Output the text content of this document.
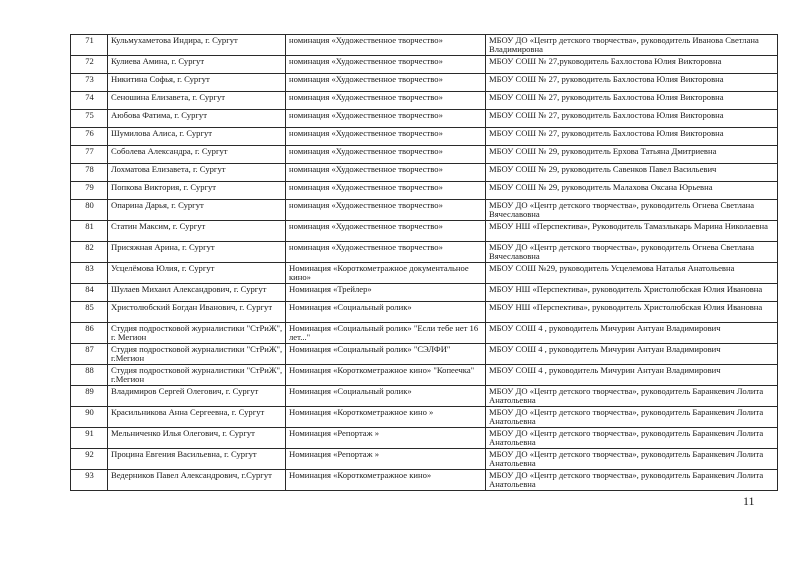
71	Кульмухаметова Индира, г. Сургут	номинация «Художественное творчество»	МБОУ ДО «Центр детского творчества», руководитель Иванова Светлана Владимировна
72	Кулиева Амина, г. Сургут	номинация «Художественное творчество»	МБОУ СОШ № 27,руководитель Бахлостова Юлия Викторовна
73	Никитина Софья, г. Сургут	номинация «Художественное творчество»	МБОУ СОШ № 27, руководитель Бахлостова Юлия Викторовна
74	Сеношина Елизавета, г. Сургут	номинация «Художественное творчество»	МБОУ СОШ № 27, руководитель Бахлостова Юлия Викторовна
75	Аюбова Фатима, г. Сургут	номинация «Художественное творчество»	МБОУ СОШ № 27, руководитель Бахлостова Юлия Викторовна
76	Шумилова Алиса, г. Сургут	номинация «Художественное творчество»	МБОУ СОШ № 27, руководитель Бахлостова Юлия Викторовна
77	Соболева Александра, г. Сургут	номинация «Художественное творчество»	МБОУ СОШ № 29, руководитель Ерхова Татьяна Дмитриевна
78	Лохматова Елизавета, г. Сургут	номинация «Художественное творчество»	МБОУ СОШ № 29, руководитель Савенков Павел Васильевич
79	Попкова Виктория, г. Сургут	номинация «Художественное творчество»	МБОУ СОШ № 29, руководитель Малахова Оксана Юрьевна
80	Опарина Дарья, г. Сургут	номинация «Художественное творчество»	МБОУ ДО «Центр детского творчества», руководитель Огнева Светлана Вячеславовна
81	Статин Максим, г. Сургут	номинация «Художественное творчество»	МБОУ НШ «Перспектива», Руководитель Тамазлыкарь Марина Николаевна
82	Присяжная Арина, г. Сургут	номинация «Художественное творчество»	МБОУ ДО «Центр детского творчества», руководитель Огнева Светлана Вячеславовна
83	Усцелёмова Юлия, г. Сургут	Номинация «Короткометражное документальное кино»	МБОУ СОШ №29, руководитель Усцелемова Наталья Анатольевна
84	Шулаев Михаил Александрович, г. Сургут	Номинация «Трейлер»	МБОУ НШ «Перспектива», руководитель Христолюбская Юлия Ивановна
85	Христолюбский Богдан Иванович, г. Сургут	Номинация «Социальный ролик»	МБОУ НШ «Перспектива», руководитель Христолюбская Юлия Ивановна
86	Студия подростковой журналистики "СтРиЖ", г. Мегион	Номинация «Социальный ролик» "Если тебе нет 16 лет..."	МБОУ СОШ 4 , руководитель Мичурин Антуан Владимирович
87	Студия подростковой журналистики "СтРиЖ", г.Мегион	Номинация «Социальный ролик» "СЭЛФИ"	МБОУ СОШ 4 , руководитель Мичурин Антуан Владимирович
88	Студия подростковой журналистики "СтРиЖ", г.Мегион	Номинация «Короткометражное кино» "Копеечка"	МБОУ СОШ 4 , руководитель Мичурин Антуан Владимирович
89	Владимиров Сергей Олегович, г. Сургут	Номинация «Социальный ролик»	МБОУ ДО «Центр детского творчества», руководитель Баранкевич Лолита Анатольевна
90	Красильникова Анна Сергеевна, г. Сургут	Номинация «Короткометражное кино »	МБОУ ДО «Центр детского творчества», руководитель Баранкевич Лолита Анатольевна
91	Мельниченко Илья Олегович, г. Сургут	Номинация «Репортаж »	МБОУ ДО «Центр детского творчества», руководитель Баранкевич Лолита Анатольевна
92	Процина Евгения Васильевна, г. Сургут	Номинация «Репортаж »	МБОУ ДО «Центр детского творчества», руководитель Баранкевич Лолита Анатольевна
93	Ведерников Павел Александрович, г.Сургут	Номинация «Короткометражное кино»	МБОУ ДО «Центр детского творчества», руководитель Баранкевич Лолита Анатольевна
11
